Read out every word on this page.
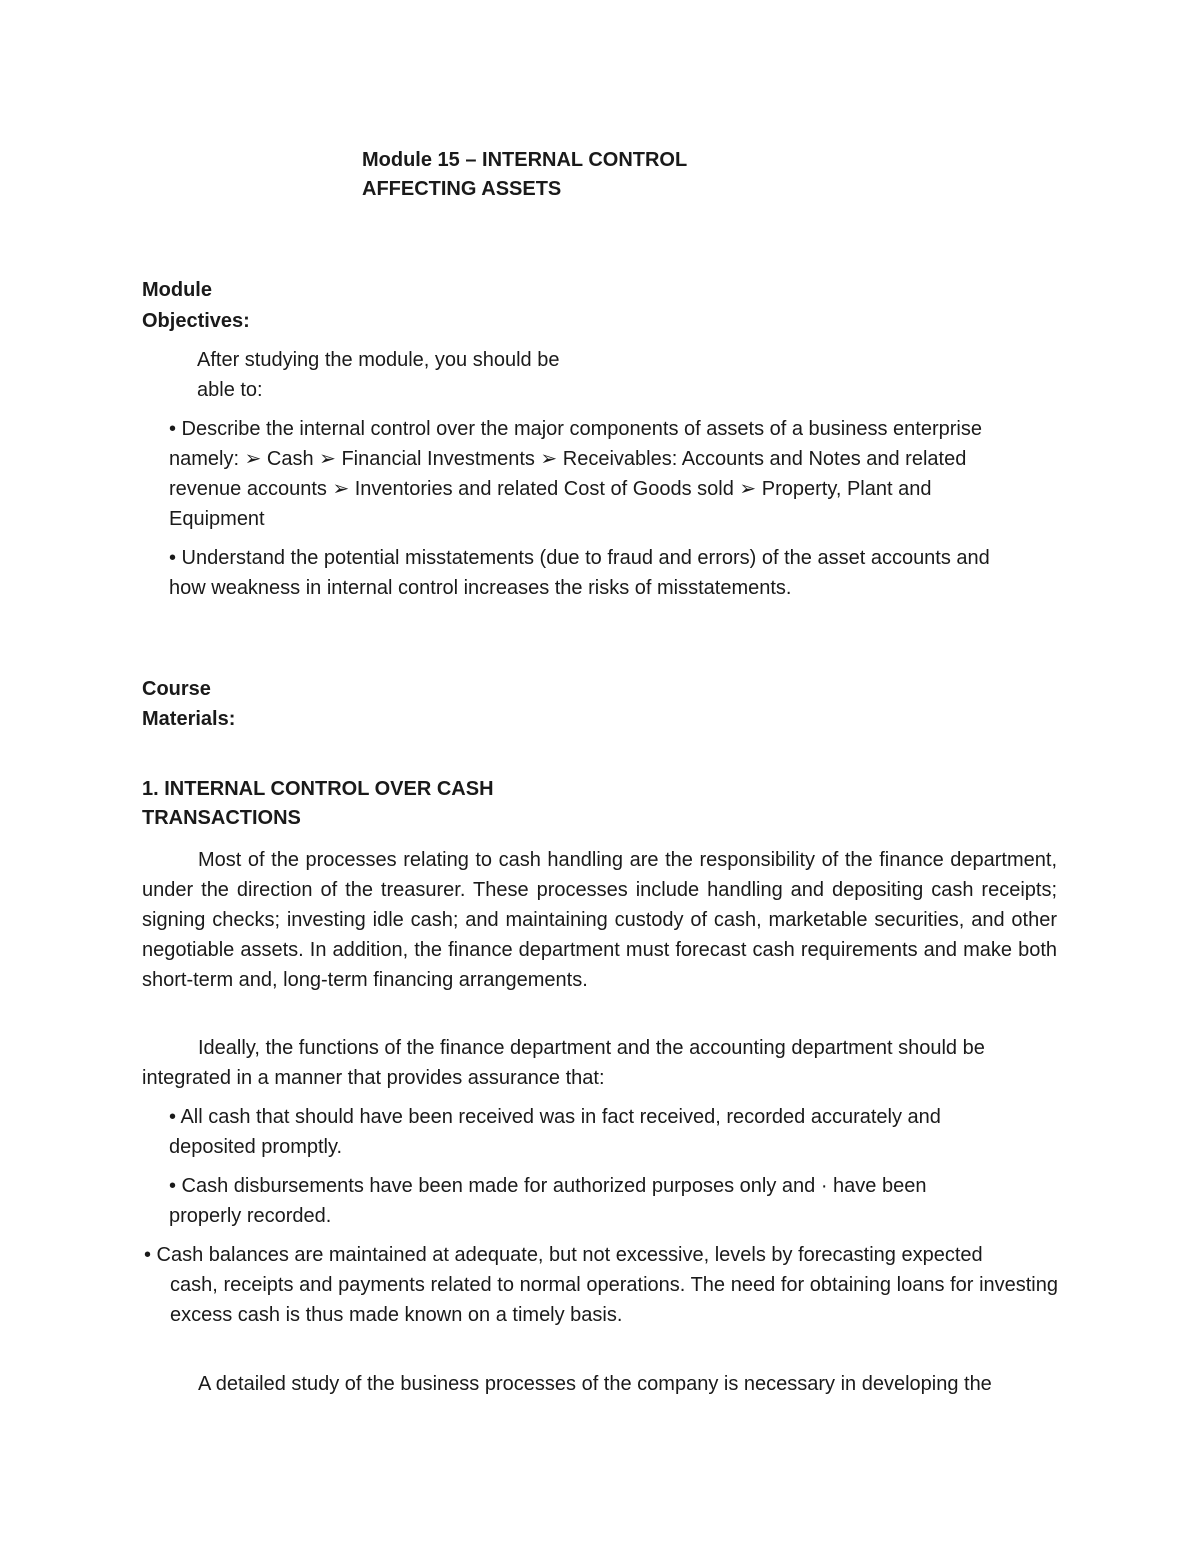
Module 15 – INTERNAL CONTROL
AFFECTING ASSETS
Module
Objectives:
After studying the module, you should be
able to:
• Describe the internal control over the major components of assets of a business enterprise
namely: ➢ Cash ➢ Financial Investments ➢ Receivables: Accounts and Notes and related
revenue accounts ➢ Inventories and related Cost of Goods sold ➢ Property, Plant and
Equipment
• Understand the potential misstatements (due to fraud and errors) of the asset accounts and
how weakness in internal control increases the risks of misstatements.
Course
Materials:
1. INTERNAL CONTROL OVER CASH
TRANSACTIONS

Most of the processes relating to cash handling are the responsibility of the finance department, under the direction of the treasurer. These processes include handling and depositing cash receipts; signing checks; investing idle cash; and maintaining custody of cash, marketable securities, and other negotiable assets. In addition, the finance department must forecast cash requirements and make both short-term and, long-term financing arrangements.

Ideally, the functions of the finance department and the accounting department should be
integrated in a manner that provides assurance that:
• All cash that should have been received was in fact received, recorded accurately and
deposited promptly.
• Cash disbursements have been made for authorized purposes only and · have been
properly recorded.
• Cash balances are maintained at adequate, but not excessive, levels by forecasting expected

cash, receipts and payments related to normal operations. The need for obtaining loans for investing excess cash is thus made known on a timely basis.

A detailed study of the business processes of the company is necessary in developing the
